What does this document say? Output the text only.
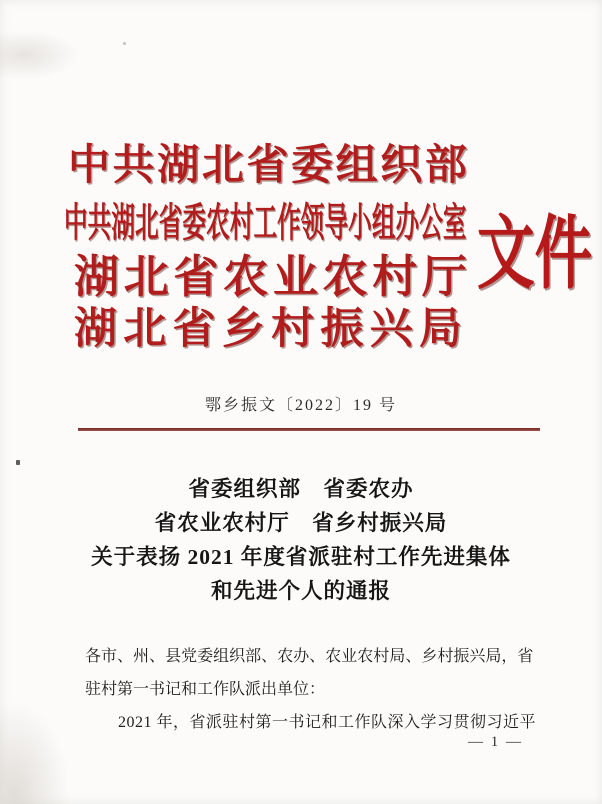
中 共 湖 北 省 委 组 织 部
中共湖北省委农村工作领导小组办公室
湖 北 省 农 业 农 村 厅
湖 北 省 乡 村 振 兴 局
文件
鄂乡振文〔2022〕19 号
省委组织部　省委农办
省农业农村厅　省乡村振兴局
关于表扬 2021 年度省派驻村工作先进集体
和先进个人的通报
各 市 、 州 、 县 党 委 组 织 部 、 农 办 、 农 业 农 村 局 、 乡 村 振 兴 局 ， 省
驻村第一书记和工作队派出单位：
2021 年，省派驻村第一书记和工作队深入学习贯彻习近平
— 1 —
